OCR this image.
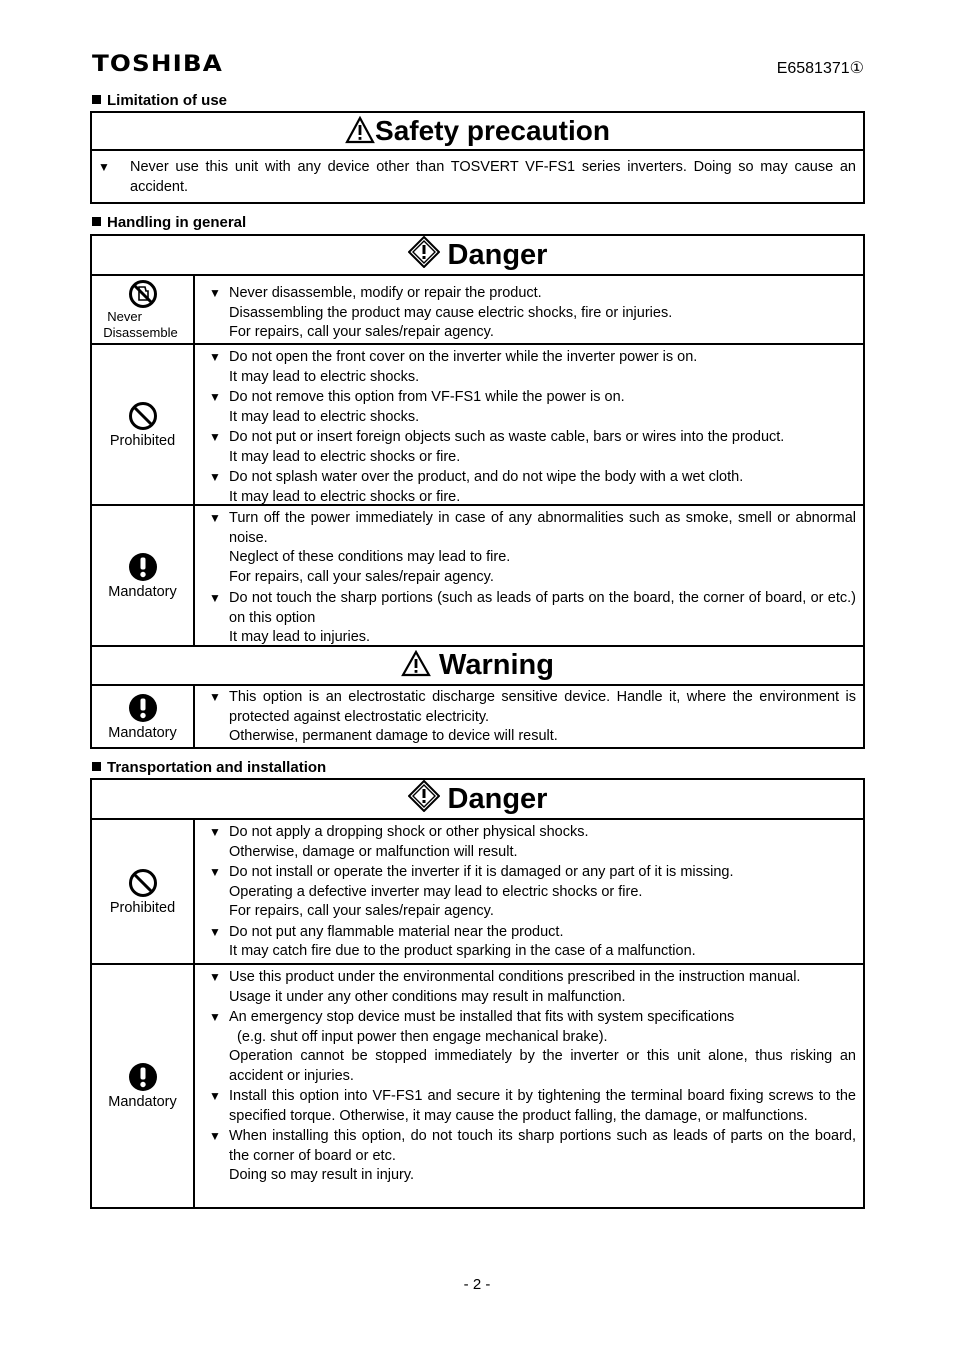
TOSHIBA	E6581371①
Limitation of use
Safety precaution
▼ Never use this unit with any device other than TOSVERT VF-FS1 series inverters. Doing so may cause an accident.

Handling in general
Danger
Never
Disassemble
▼ Never disassemble, modify or repair the product.

Disassembling the product may cause electric shocks, fire or injuries.

For repairs, call your sales/repair agency.

Prohibited
▼ Do not open the front cover on the inverter while the inverter power is on.

It may lead to electric shocks.

▼ Do not remove this option from VF-FS1 while the power is on.

It may lead to electric shocks.

▼ Do not put or insert foreign objects such as waste cable, bars or wires into the product.

It may lead to electric shocks or fire.

▼ Do not splash water over the product, and do not wipe the body with a wet cloth.

It may lead to electric shocks or fire.

Mandatory
▼ Turn off the power immediately in case of any abnormalities such as smoke, smell or abnormal noise.

Neglect of these conditions may lead to fire.

For repairs, call your sales/repair agency.

▼ Do not touch the sharp portions (such as leads of parts on the board, the corner of board, or etc.) on this option

It may lead to injuries.

Warning
Mandatory
▼ This option is an electrostatic discharge sensitive device. Handle it, where the environment is protected against electrostatic electricity.

Otherwise, permanent damage to device will result.

Transportation and installation
Danger
Prohibited
▼ Do not apply a dropping shock or other physical shocks.

Otherwise, damage or malfunction will result.

▼ Do not install or operate the inverter if it is damaged or any part of it is missing.

Operating a defective inverter may lead to electric shocks or fire.

For repairs, call your sales/repair agency.

▼ Do not put any flammable material near the product.

It may catch fire due to the product sparking in the case of a malfunction.

Mandatory
▼ Use this product under the environmental conditions prescribed in the instruction manual.

Usage it under any other conditions may result in malfunction.

▼ An emergency stop device must be installed that fits with system specifications

(e.g. shut off input power then engage mechanical brake).

Operation cannot be stopped immediately by the inverter or this unit alone, thus risking an accident or injuries.

▼ Install this option into VF-FS1 and secure it by tightening the terminal board fixing screws to the specified torque. Otherwise, it may cause the product falling, the damage, or malfunctions.

▼ When installing this option, do not touch its sharp portions such as leads of parts on the board, the corner of board or etc.

Doing so may result in injury.

- 2 -
